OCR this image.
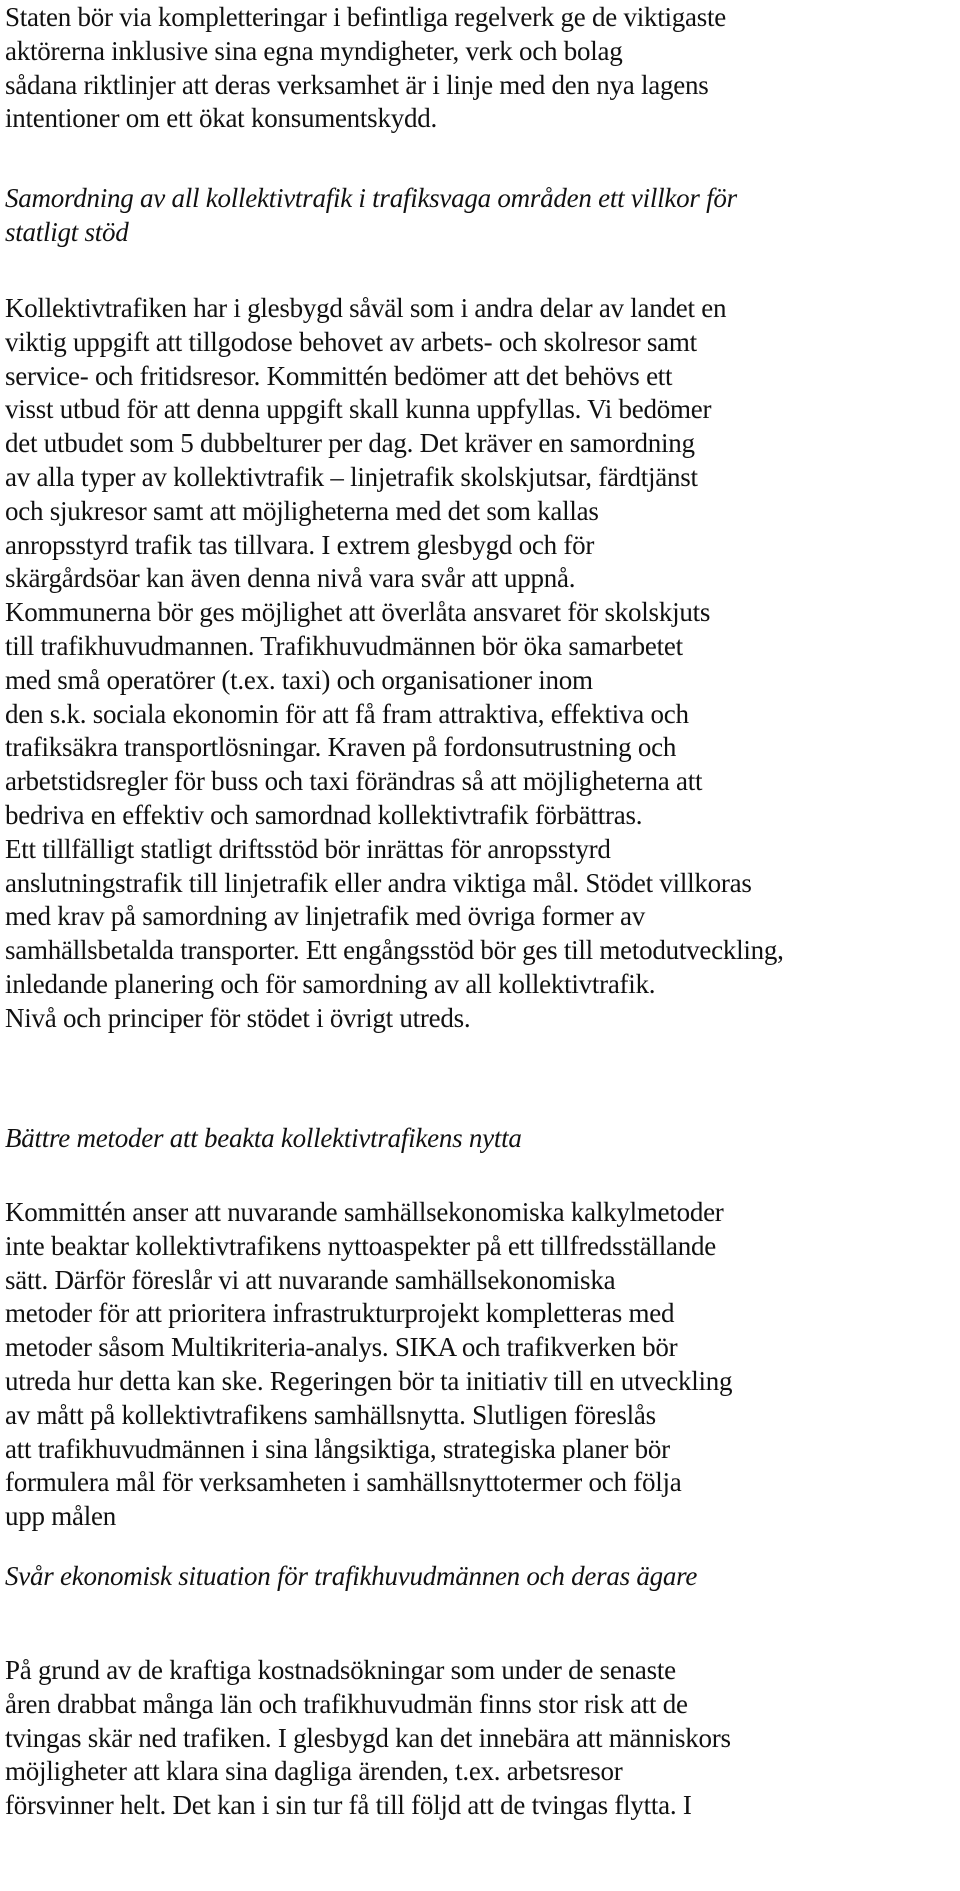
Staten bör via kompletteringar i befintliga regelverk ge de viktigaste
aktörerna inklusive sina egna myndigheter, verk och bolag
sådana riktlinjer att deras verksamhet är i linje med den nya lagens
intentioner om ett ökat konsumentskydd.
Samordning av all kollektivtrafik i trafiksvaga områden ett villkor för
statligt stöd
Kollektivtrafiken har i glesbygd såväl som i andra delar av landet en
viktig uppgift att tillgodose behovet av arbets- och skolresor samt
service- och fritidsresor. Kommittén bedömer att det behövs ett
visst utbud för att denna uppgift skall kunna uppfyllas. Vi bedömer
det utbudet som 5 dubbelturer per dag. Det kräver en samordning
av alla typer av kollektivtrafik – linjetrafik skolskjutsar, färdtjänst
och sjukresor samt att möjligheterna med det som kallas
anropsstyrd trafik tas tillvara. I extrem glesbygd och för
skärgårdsöar kan även denna nivå vara svår att uppnå.
Kommunerna bör ges möjlighet att överlåta ansvaret för skolskjuts
till trafikhuvudmannen. Trafikhuvudmännen bör öka samarbetet
med små operatörer (t.ex. taxi) och organisationer inom
den s.k. sociala ekonomin för att få fram attraktiva, effektiva och
trafiksäkra transportlösningar. Kraven på fordonsutrustning och
arbetstidsregler för buss och taxi förändras så att möjligheterna att
bedriva en effektiv och samordnad kollektivtrafik förbättras.
Ett tillfälligt statligt driftsstöd bör inrättas för anropsstyrd
anslutningstrafik till linjetrafik eller andra viktiga mål. Stödet villkoras
med krav på samordning av linjetrafik med övriga former av
samhällsbetalda transporter. Ett engångsstöd bör ges till metodutveckling,
inledande planering och för samordning av all kollektivtrafik.
Nivå och principer för stödet i övrigt utreds.
Bättre metoder att beakta kollektivtrafikens nytta
Kommittén anser att nuvarande samhällsekonomiska kalkylmetoder
inte beaktar kollektivtrafikens nyttoaspekter på ett tillfredsställande
sätt. Därför föreslår vi att nuvarande samhällsekonomiska
metoder för att prioritera infrastrukturprojekt kompletteras med
metoder såsom Multikriteria-analys. SIKA och trafikverken bör
utreda hur detta kan ske. Regeringen bör ta initiativ till en utveckling
av mått på kollektivtrafikens samhällsnytta. Slutligen föreslås
att trafikhuvudmännen i sina långsiktiga, strategiska planer bör
formulera mål för verksamheten i samhällsnyttotermer och följa
upp målen
Svår ekonomisk situation för trafikhuvudmännen och deras ägare
På grund av de kraftiga kostnadsökningar som under de senaste
åren drabbat många län och trafikhuvudmän finns stor risk att de
tvingas skär ned trafiken. I glesbygd kan det innebära att människors
möjligheter att klara sina dagliga ärenden, t.ex. arbetsresor
försvinner helt. Det kan i sin tur få till följd att de tvingas flytta. I
